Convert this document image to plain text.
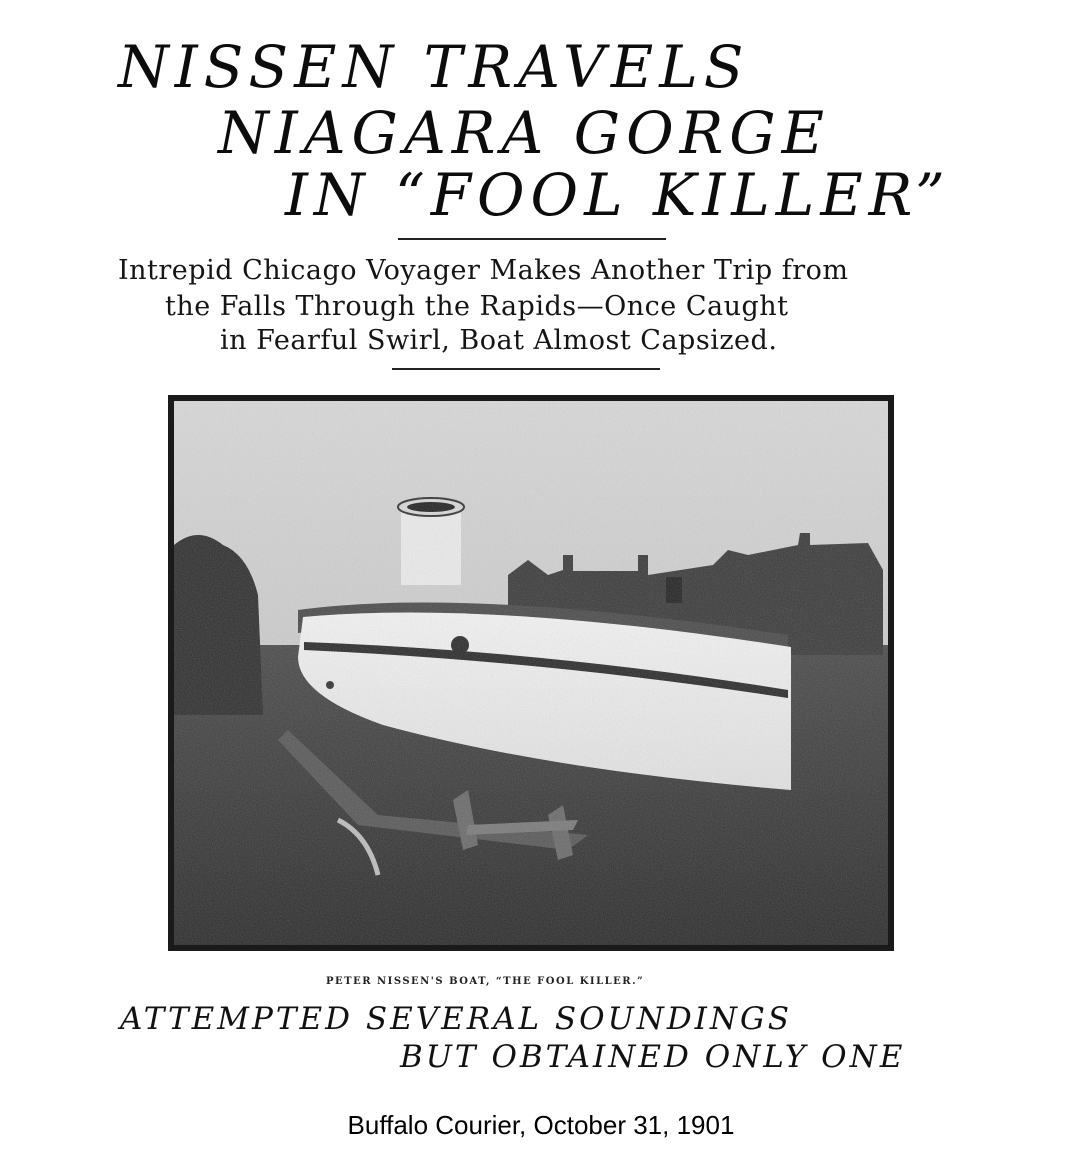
NISSEN TRAVELS
NIAGARA GORGE
IN “FOOL KILLER”

Intrepid Chicago Voyager Makes Another Trip from

the Falls Through the Rapids—Once Caught

in Fearful Swirl, Boat Almost Capsized.

PETER NISSEN'S BOAT, “THE FOOL KILLER.”

ATTEMPTED SEVERAL SOUNDINGS

BUT OBTAINED ONLY ONE

Buffalo Courier, October 31, 1901
